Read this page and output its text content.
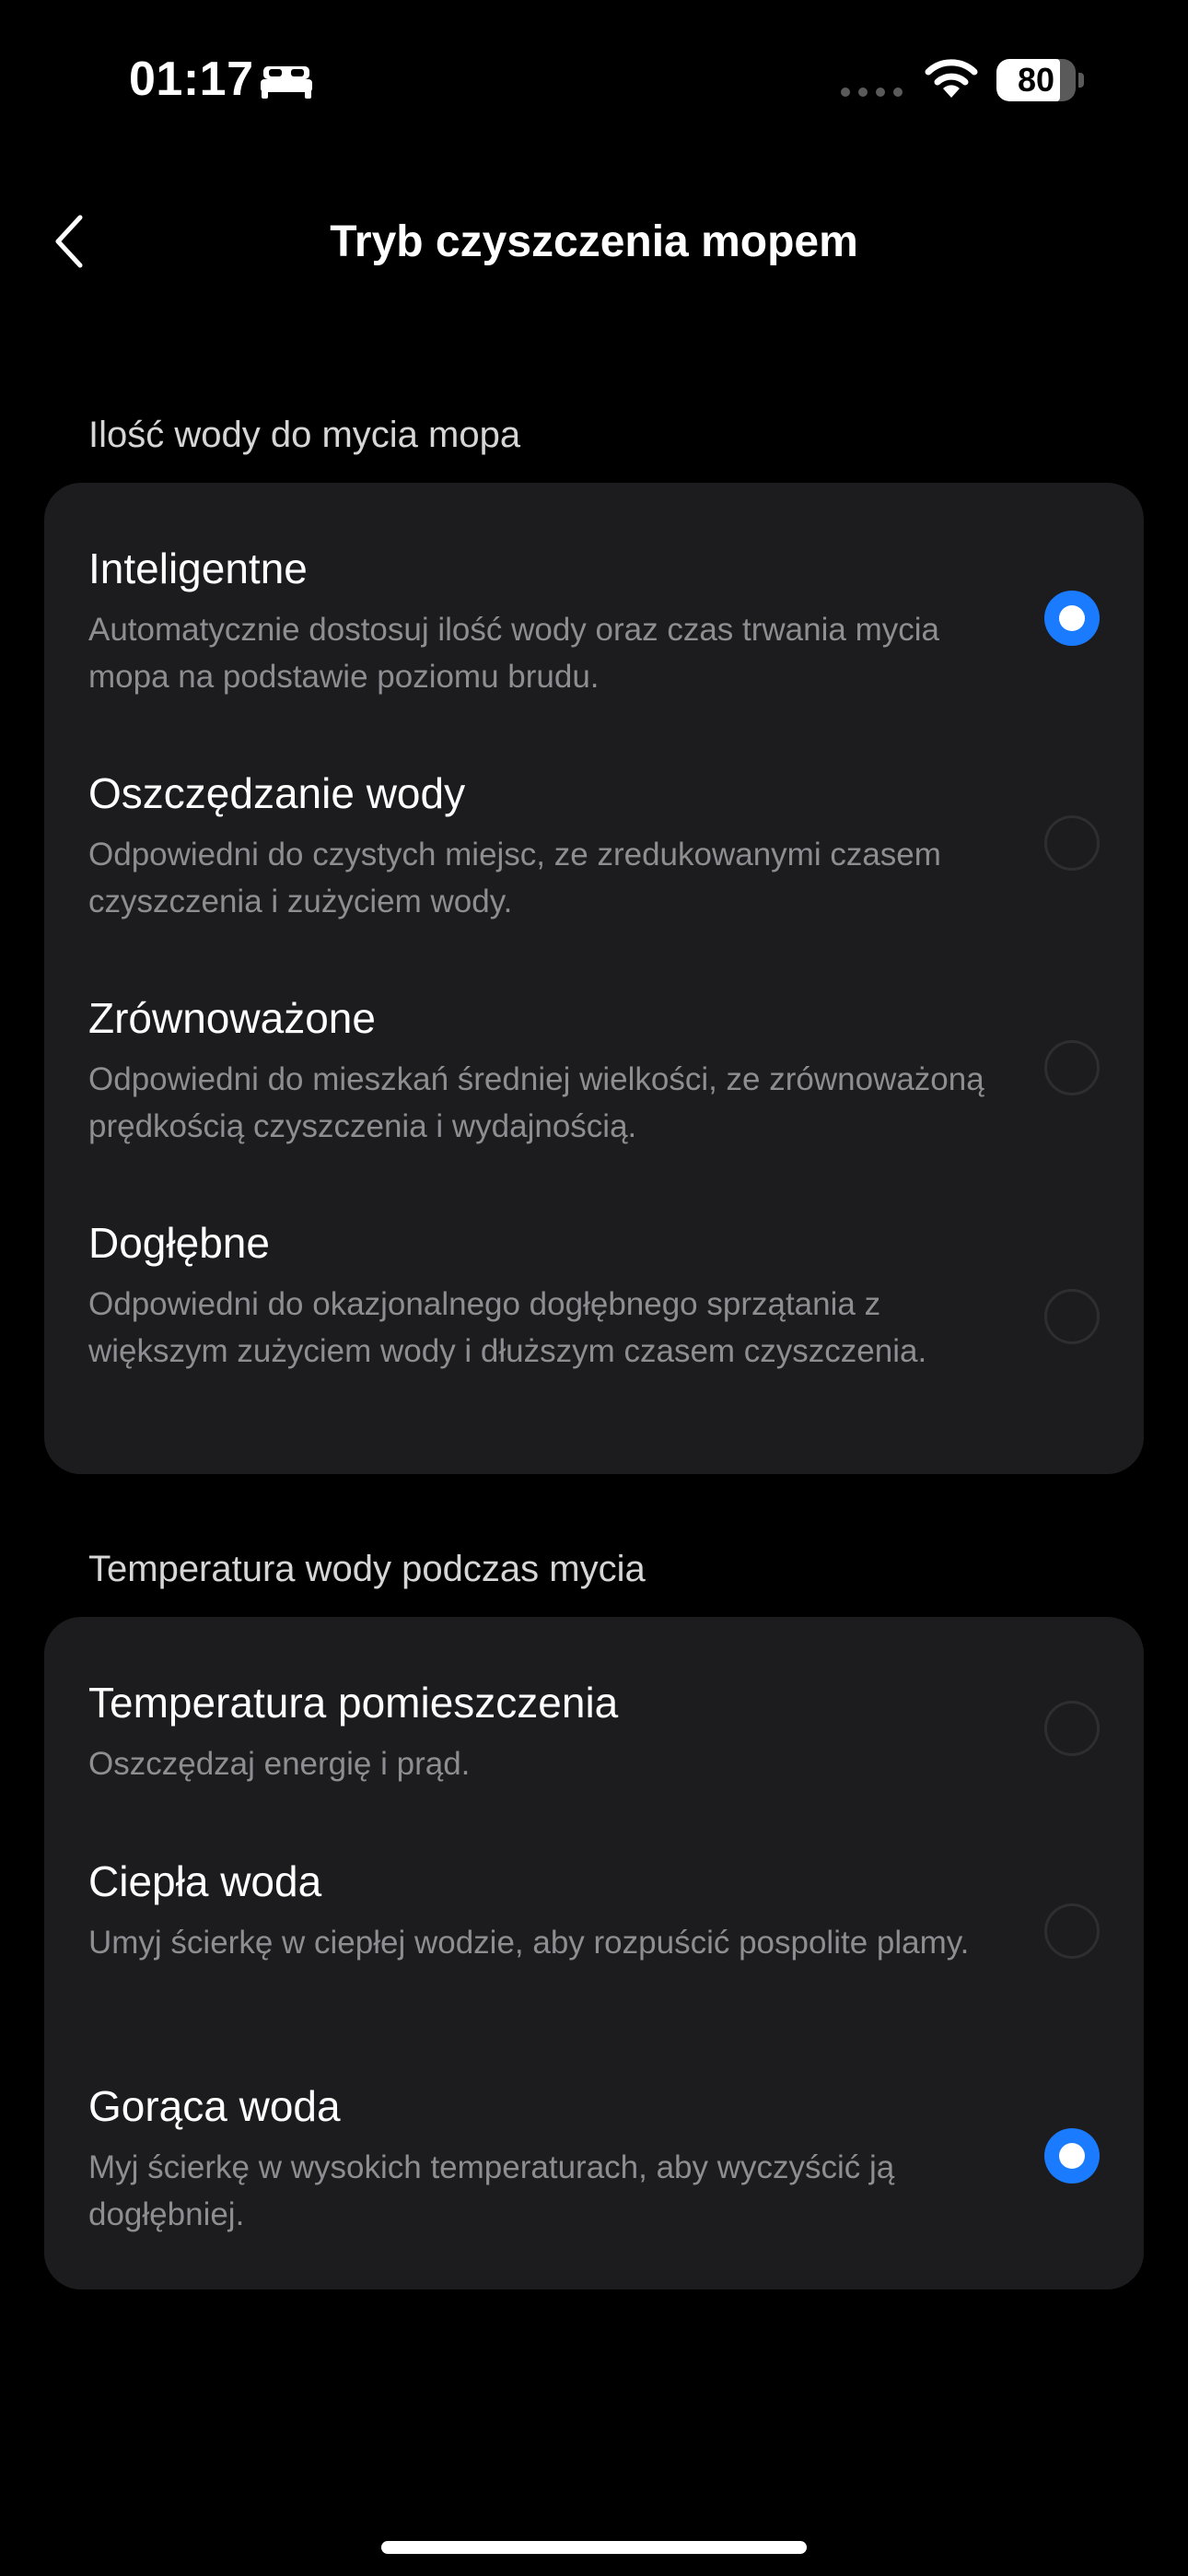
01:17	80
Tryb czyszczenia mopem
Ilość wody do mycia mopa
Inteligentne
Automatycznie dostosuj ilość wody oraz czas trwania mycia mopa na podstawie poziomu brudu.
Oszczędzanie wody
Odpowiedni do czystych miejsc, ze zredukowanymi czasem czyszczenia i zużyciem wody.
Zrównoważone
Odpowiedni do mieszkań średniej wielkości, ze zrównoważoną prędkością czyszczenia i wydajnością.
Dogłębne
Odpowiedni do okazjonalnego dogłębnego sprzątania z większym zużyciem wody i dłuższym czasem czyszczenia.
Temperatura wody podczas mycia
Temperatura pomieszczenia
Oszczędzaj energię i prąd.
Ciepła woda
Umyj ścierkę w ciepłej wodzie, aby rozpuścić pospolite plamy.
Gorąca woda
Myj ścierkę w wysokich temperaturach, aby wyczyścić ją dogłębniej.
